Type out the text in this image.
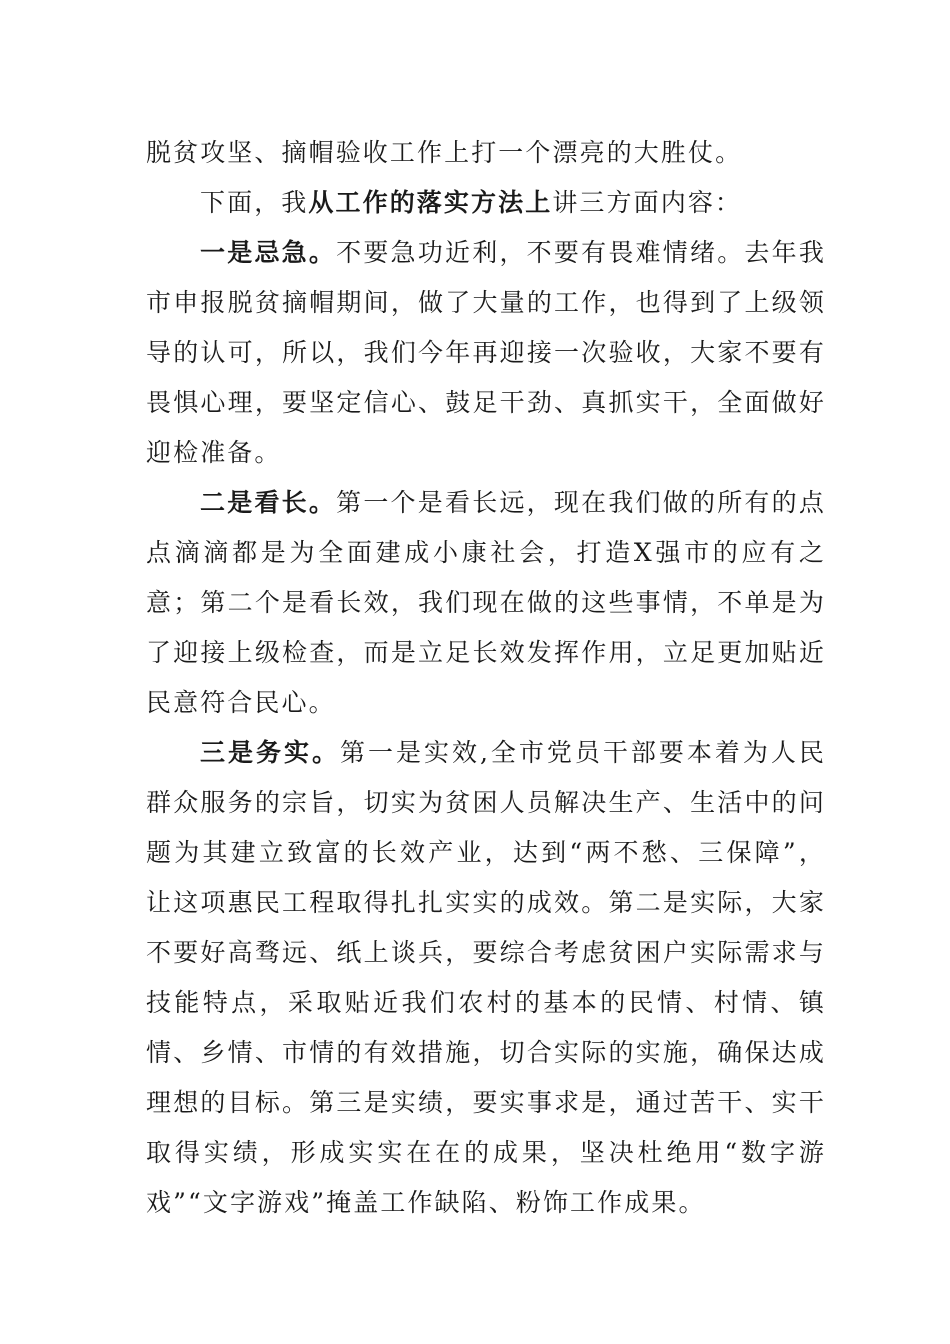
脱贫攻坚、摘帽验收工作上打一个漂亮的大胜仗。

下面，我从工作的落实方法上讲三方面内容：

一是忌急。不要急功近利，不要有畏难情绪。去年我市申报脱贫摘帽期间，做了大量的工作，也得到了上级领导的认可，所以，我们今年再迎接一次验收，大家不要有畏惧心理，要坚定信心、鼓足干劲、真抓实干，全面做好迎检准备。

二是看长。第一个是看长远，现在我们做的所有的点点滴滴都是为全面建成小康社会，打造X强市的应有之意；第二个是看长效，我们现在做的这些事情，不单是为了迎接上级检查，而是立足长效发挥作用，立足更加贴近民意符合民心。

三是务实。第一是实效,全市党员干部要本着为人民群众服务的宗旨，切实为贫困人员解决生产、生活中的问题为其建立致富的长效产业，达到“两不愁、三保障”，让这项惠民工程取得扎扎实实的成效。第二是实际，大家不要好高骛远、纸上谈兵，要综合考虑贫困户实际需求与技能特点，采取贴近我们农村的基本的民情、村情、镇情、乡情、市情的有效措施，切合实际的实施，确保达成理想的目标。第三是实绩，要实事求是，通过苦干、实干取得实绩，形成实实在在的成果，坚决杜绝用“数字游戏”“文字游戏”掩盖工作缺陷、粉饰工作成果。
